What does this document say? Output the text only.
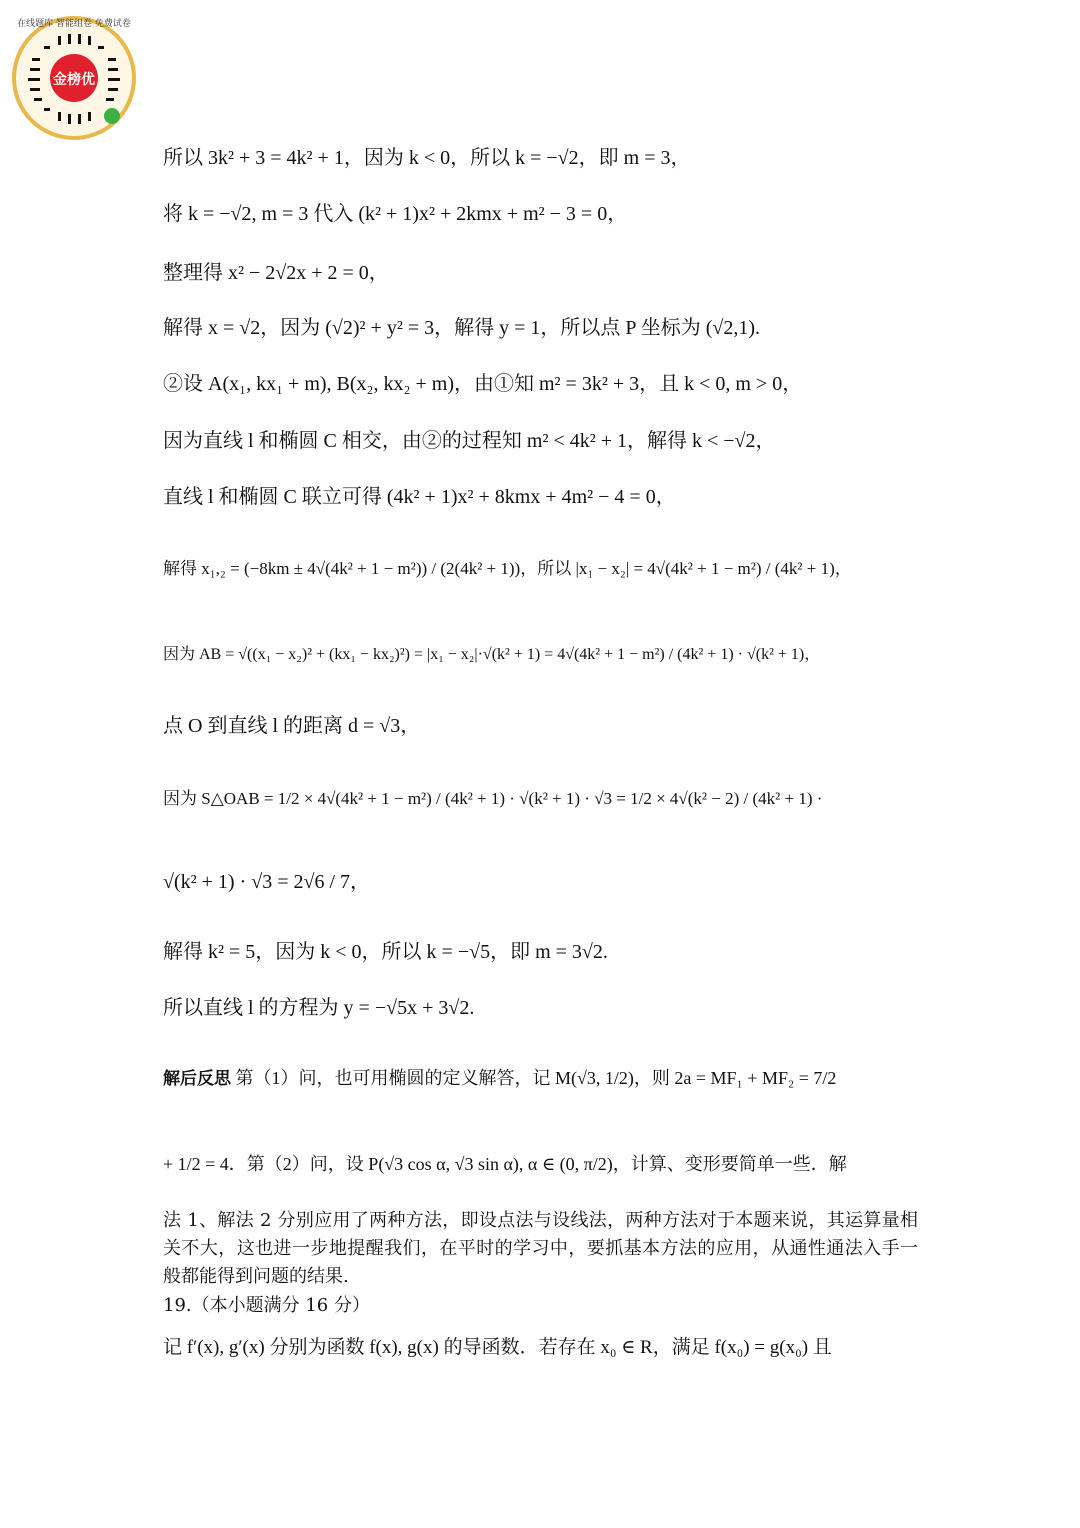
金榜优
在线题库 智能组卷 免费试卷
所以 3k² + 3 = 4k² + 1，因为 k < 0，所以 k = −√2，即 m = 3，
将 k = −√2, m = 3 代入 (k² + 1)x² + 2kmx + m² − 3 = 0，
整理得 x² − 2√2x + 2 = 0，
解得 x = √2，因为 (√2)² + y² = 3，解得 y = 1，所以点 P 坐标为 (√2,1).
②设 A(x₁, kx₁ + m), B(x₂, kx₂ + m)，由①知 m² = 3k² + 3，且 k < 0, m > 0，
因为直线 l 和椭圆 C 相交，由②的过程知 m² < 4k² + 1，解得 k < −√2，
直线 l 和椭圆 C 联立可得 (4k² + 1)x² + 8kmx + 4m² − 4 = 0，
解得 x₁,₂ = (−8km ± 4√(4k² + 1 − m²)) / (2(4k² + 1))，所以 |x₁ − x₂| = 4√(4k² + 1 − m²) / (4k² + 1)，
因为 AB = √((x₁ − x₂)² + (kx₁ − kx₂)²) = |x₁ − x₂|·√(k² + 1) = 4√(4k² + 1 − m²) / (4k² + 1) · √(k² + 1)，
点 O 到直线 l 的距离 d = √3，
因为 S△OAB = 1/2 × 4√(4k² + 1 − m²) / (4k² + 1) · √(k² + 1) · √3 = 1/2 × 4√(k² − 2) / (4k² + 1) ·
√(k² + 1) · √3 = 2√6 / 7，
解得 k² = 5，因为 k < 0，所以 k = −√5，即 m = 3√2.
所以直线 l 的方程为 y = −√5x + 3√2.
解后反思 第（1）问，也可用椭圆的定义解答，记 M(√3, 1/2)，则 2a = MF₁ + MF₂ = 7/2
+ 1/2 = 4．第（2）问，设 P(√3 cos α, √3 sin α), α ∈ (0, π/2)，计算、变形要简单一些．解
法 1、解法 2 分别应用了两种方法，即设点法与设线法，两种方法对于本题来说，其运算量相关不大，这也进一步地提醒我们，在平时的学习中，要抓基本方法的应用，从通性通法入手一般都能得到问题的结果.
19.（本小题满分 16 分）
记 f′(x), g′(x) 分别为函数 f(x), g(x) 的导函数．若存在 x₀ ∈ R，满足 f(x₀) = g(x₀) 且
